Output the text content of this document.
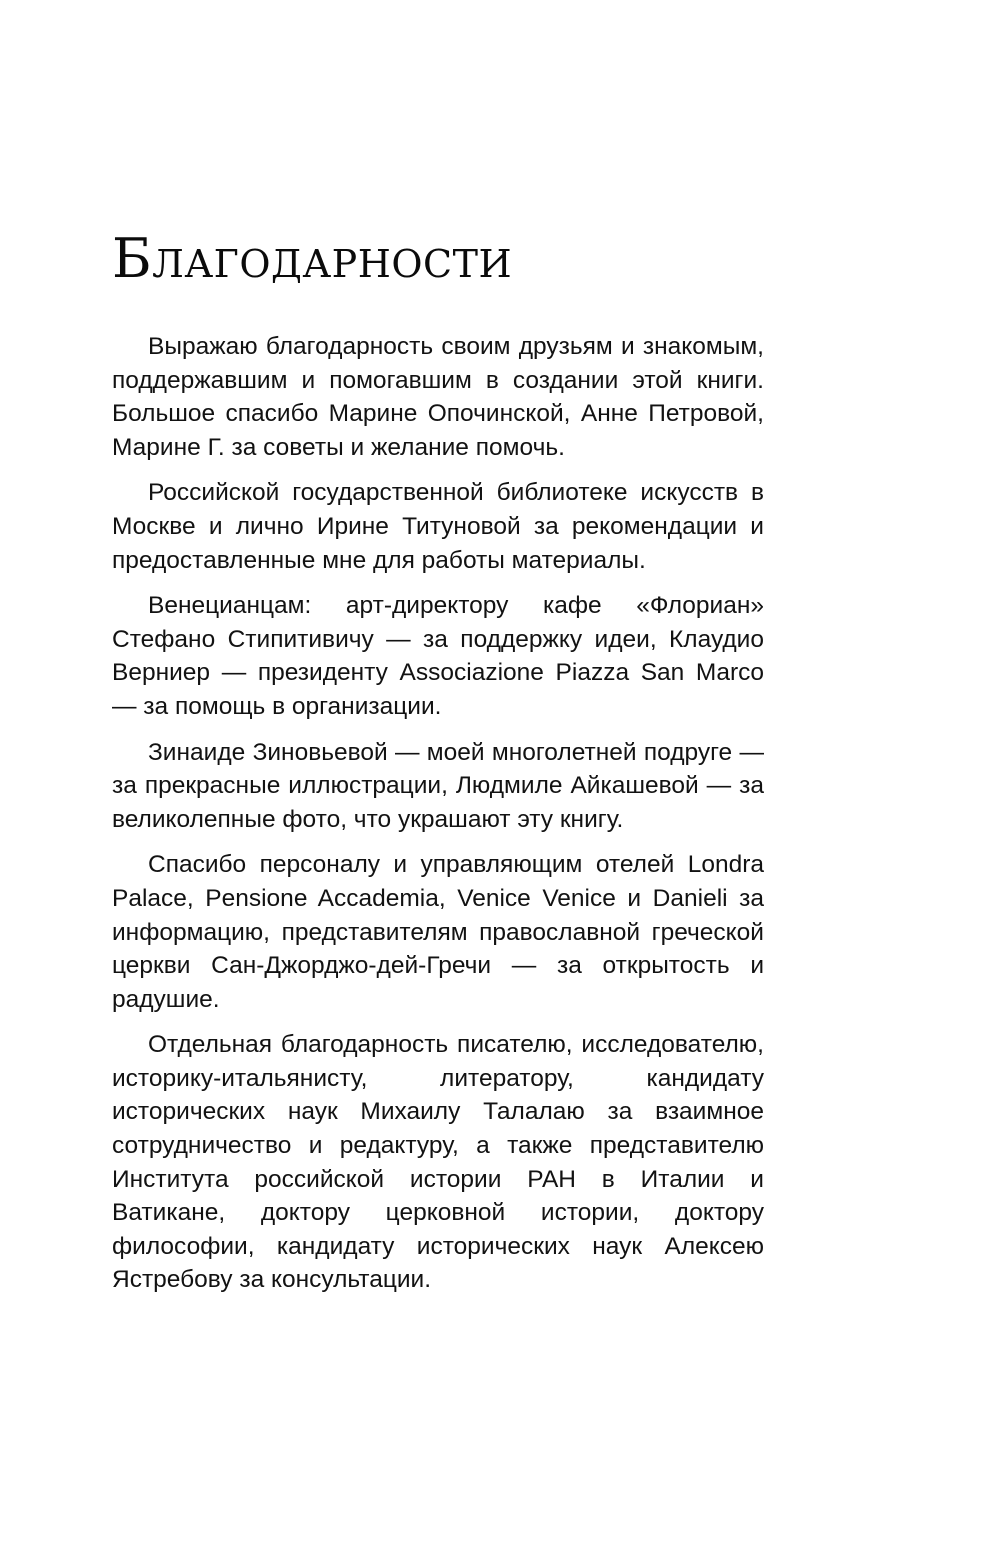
Благодарности

Выражаю благодарность своим друзьям и знакомым, поддержавшим и помогавшим в создании этой книги. Большое спасибо Марине Опочинской, Анне Петровой, Марине Г. за советы и желание помочь.

Российской государственной библиотеке искусств в Москве и лично Ирине Титуновой за рекомендации и предоставленные мне для работы материалы.

Венецианцам: арт-директору кафе «Флориан» Стефано Стипитивичу — за поддержку идеи, Клаудио Верниер — президенту Associazione Piazza San Marco — за помощь в организации.

Зинаиде Зиновьевой — моей многолетней подруге — за прекрасные иллюстрации, Людмиле Айкашевой — за великолепные фото, что украшают эту книгу.

Спасибо персоналу и управляющим отелей Londra Palace, Pensione Accademia, Venice Venice и Danieli за информацию, представителям православной греческой церкви Сан-Джорджо-дей-Гречи — за открытость и радушие.

Отдельная благодарность писателю, исследователю, историку-итальянисту, литератору, кандидату исторических наук Михаилу Талалаю за взаимное сотрудничество и редактуру, а также представителю Института российской истории РАН в Италии и Ватикане, доктору церковной истории, доктору философии, кандидату исторических наук Алексею Ястребову за консультации.
